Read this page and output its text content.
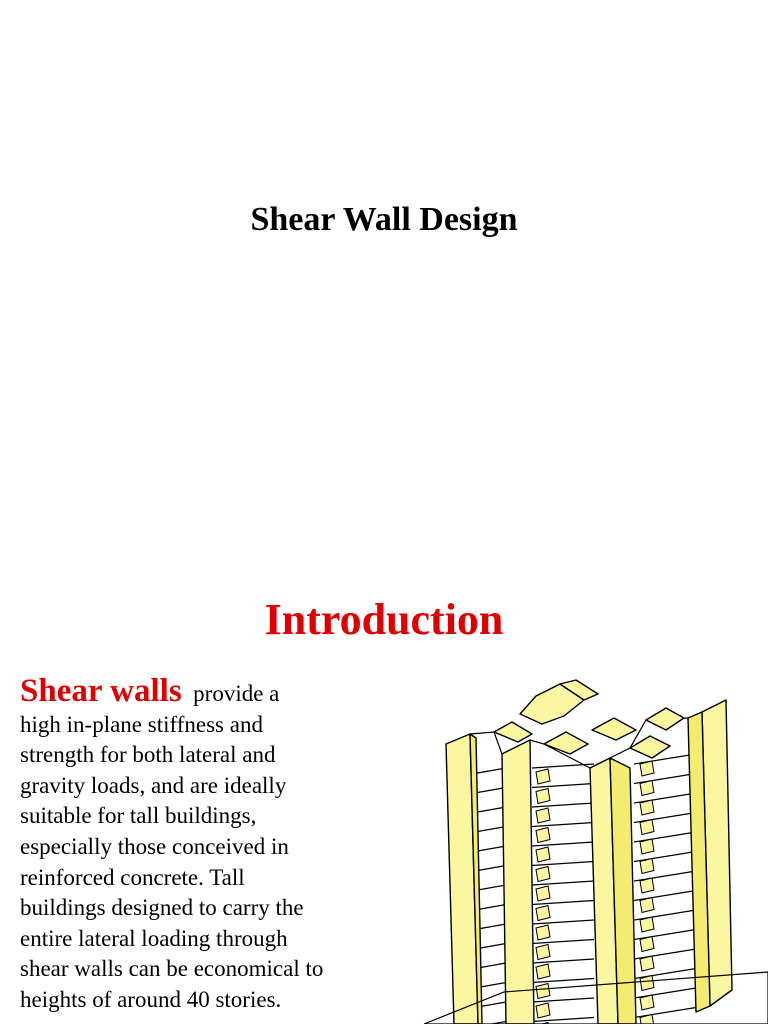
Shear Wall Design
Introduction
Shear walls provide a
high in-plane stiffness and
strength for both lateral and
gravity loads, and are ideally
suitable for tall buildings,
especially those conceived in
reinforced concrete. Tall
buildings designed to carry the
entire lateral loading through
shear walls can be economical to
heights of around 40 stories.
